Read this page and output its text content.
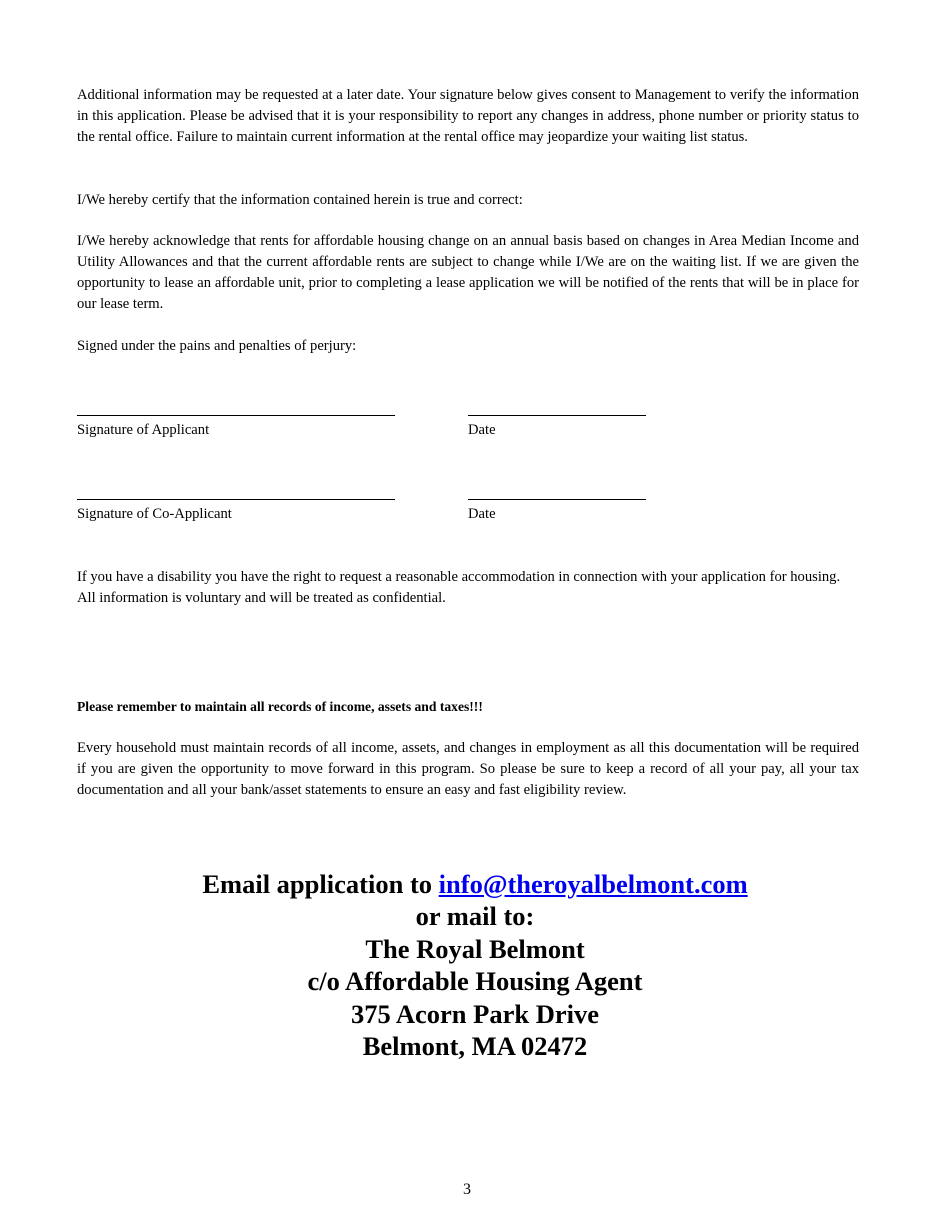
Additional information may be requested at a later date. Your signature below gives consent to Management to verify the information in this application. Please be advised that it is your responsibility to report any changes in address, phone number or priority status to the rental office. Failure to maintain current information at the rental office may jeopardize your waiting list status.

I/We hereby certify that the information contained herein is true and correct:

I/We hereby acknowledge that rents for affordable housing change on an annual basis based on changes in Area Median Income and Utility Allowances and that the current affordable rents are subject to change while I/We are on the waiting list. If we are given the opportunity to lease an affordable unit, prior to completing a lease application we will be notified of the rents that will be in place for our lease term.

Signed under the pains and penalties of perjury:

Signature of Applicant	Date

Signature of Co-Applicant	Date

If you have a disability you have the right to request a reasonable accommodation in connection with your application for housing. All information is voluntary and will be treated as confidential.

Please remember to maintain all records of income, assets and taxes!!!

Every household must maintain records of all income, assets, and changes in employment as all this documentation will be required if you are given the opportunity to move forward in this program. So please be sure to keep a record of all your pay, all your tax documentation and all your bank/asset statements to ensure an easy and fast eligibility review.

Email application to info@theroyalbelmont.com
or mail to:
The Royal Belmont
c/o Affordable Housing Agent
375 Acorn Park Drive
Belmont, MA 02472
3
